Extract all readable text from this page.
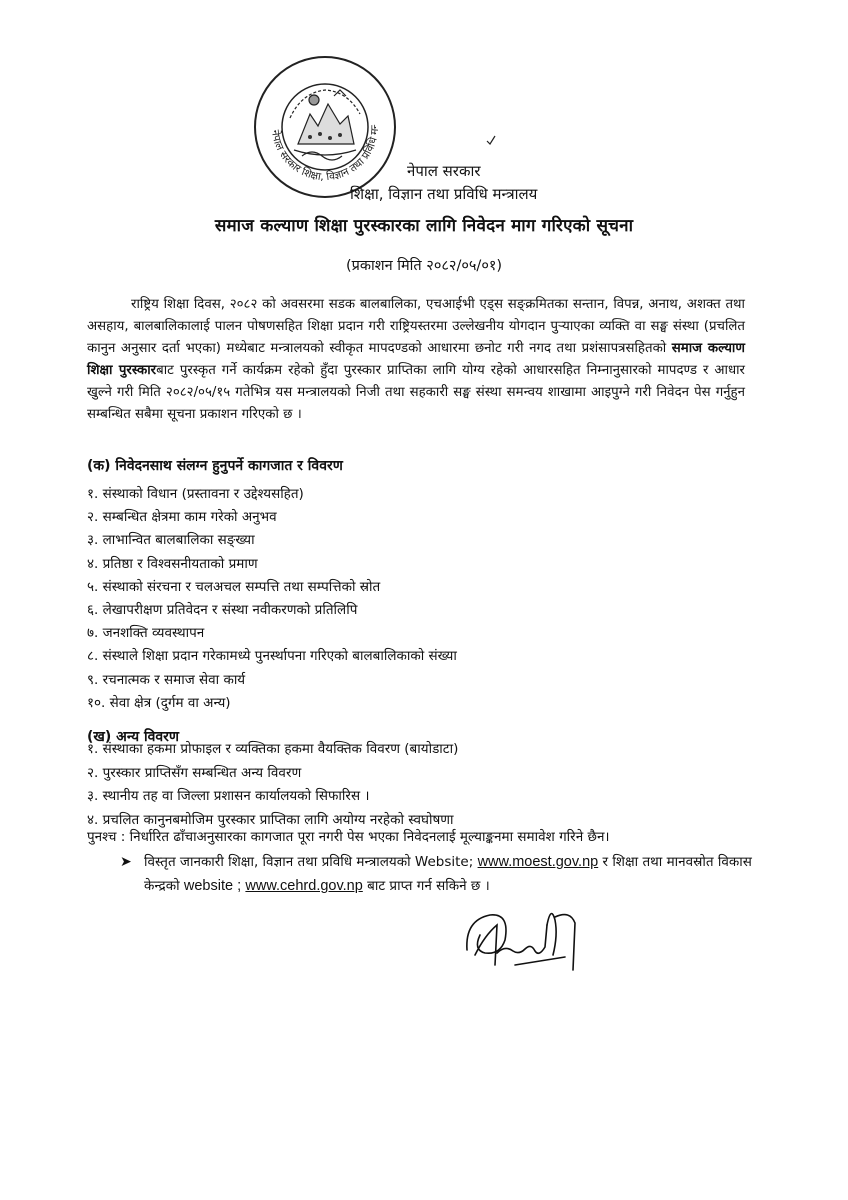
नेपाल सरकार शिक्षा, विज्ञान तथा प्रविधि म
नेपाल सरकार
शिक्षा, विज्ञान तथा प्रविधि मन्त्रालय
समाज कल्याण शिक्षा पुरस्कारका लागि निवेदन माग गरिएको सूचना
(प्रकाशन मिति २०८२/०५/०१)

राष्ट्रिय शिक्षा दिवस, २०८२ को अवसरमा सडक बालबालिका, एचआईभी एड्स सङ्क्रमितका सन्तान, विपन्न, अनाथ, अशक्त तथा असहाय, बालबालिकालाई पालन पोषणसहित शिक्षा प्रदान गरी राष्ट्रियस्तरमा उल्लेखनीय योगदान पुऱ्याएका व्यक्ति वा सङ्घ संस्था (प्रचलित कानुन अनुसार दर्ता भएका) मध्येबाट मन्त्रालयको स्वीकृत मापदण्डको आधारमा छनोट गरी नगद तथा प्रशंसापत्रसहितको समाज कल्याण शिक्षा पुरस्कारबाट पुरस्कृत गर्ने कार्यक्रम रहेको हुँदा पुरस्कार प्राप्तिका लागि योग्य रहेको आधारसहित निम्नानुसारको मापदण्ड र आधार खुल्ने गरी मिति २०८२/०५/१५ गतेभित्र यस मन्त्रालयको निजी तथा सहकारी सङ्घ संस्था समन्वय शाखामा आइपुग्ने गरी निवेदन पेस गर्नुहुन सम्बन्धित सबैमा सूचना प्रकाशन गरिएको छ ।

(क) निवेदनसाथ संलग्न हुनुपर्ने कागजात र विवरण
१. संस्थाको विधान (प्रस्तावना र उद्देश्यसहित)
२. सम्बन्धित क्षेत्रमा काम गरेको अनुभव
३. लाभान्वित बालबालिका सङ्ख्या
४. प्रतिष्ठा र विश्वसनीयताको प्रमाण
५. संस्थाको संरचना र चलअचल सम्पत्ति तथा सम्पत्तिको स्रोत
६. लेखापरीक्षण प्रतिवेदन र संस्था नवीकरणको प्रतिलिपि
७. जनशक्ति व्यवस्थापन
८. संस्थाले शिक्षा प्रदान गरेकामध्ये पुनर्स्थापना गरिएको बालबालिकाको संख्या
९. रचनात्मक र समाज सेवा कार्य
१०. सेवा क्षेत्र (दुर्गम वा अन्य)
(ख) अन्य विवरण
१. संस्थाका हकमा प्रोफाइल र व्यक्तिका हकमा वैयक्तिक विवरण (बायोडाटा)
२. पुरस्कार प्राप्तिसँग सम्बन्धित अन्य विवरण
३. स्थानीय तह वा जिल्ला प्रशासन कार्यालयको सिफारिस ।
४. प्रचलित कानुनबमोजिम पुरस्कार प्राप्तिका लागि अयोग्य नरहेको स्वघोषणा
पुनश्च : निर्धारित ढाँचाअनुसारका कागजात पूरा नगरी पेस भएका निवेदनलाई मूल्याङ्कनमा समावेश गरिने छैन।
➤ विस्तृत जानकारी शिक्षा, विज्ञान तथा प्रविधि मन्त्रालयको Website; www.moest.gov.np र शिक्षा तथा मानवस्रोत विकास केन्द्रको website ; www.cehrd.gov.np बाट प्राप्त गर्न सकिने छ ।
